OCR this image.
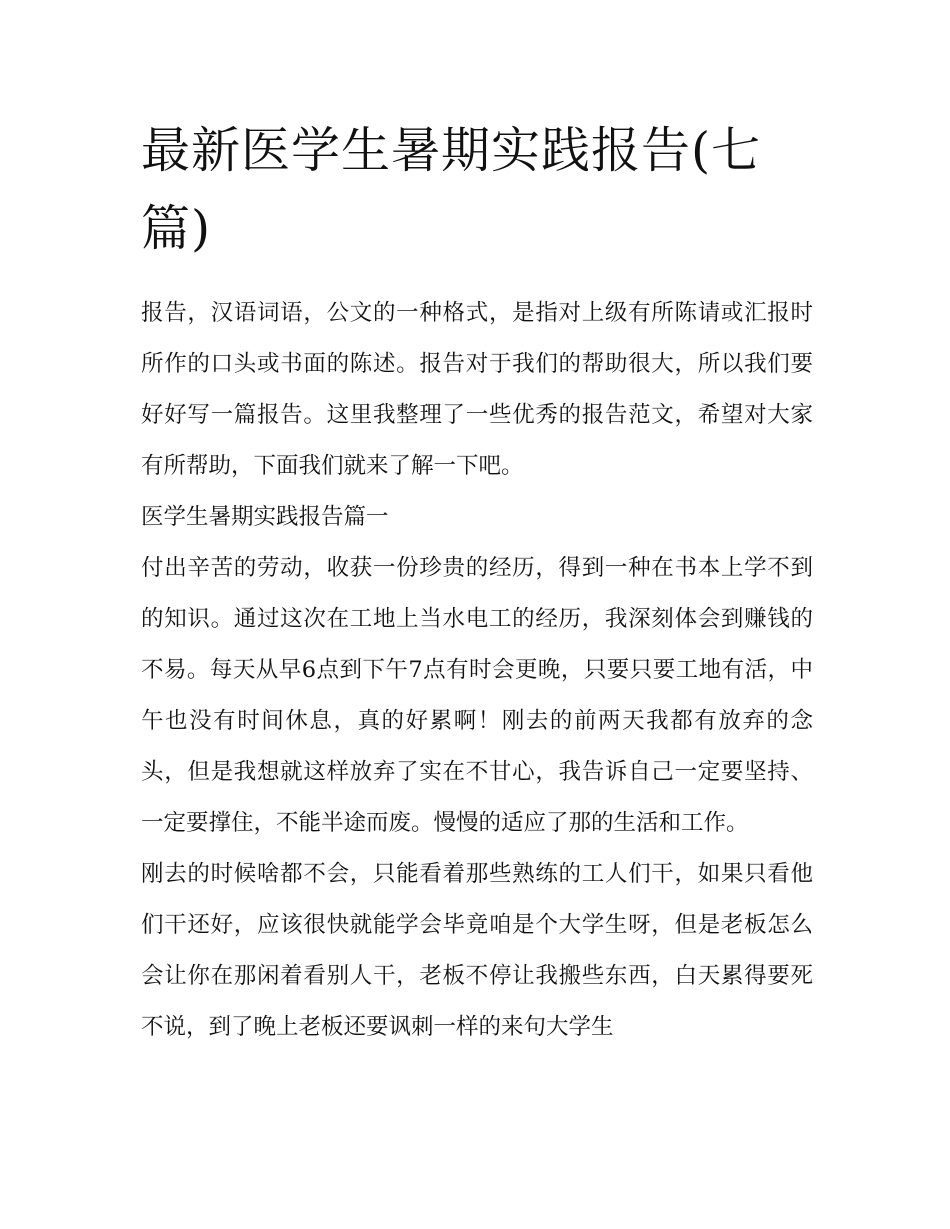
最新医学生暑期实践报告(七篇)

报告，汉语词语，公文的一种格式，是指对上级有所陈请或汇报时所作的口头或书面的陈述。报告对于我们的帮助很大，所以我们要好好写一篇报告。这里我整理了一些优秀的报告范文，希望对大家有所帮助，下面我们就来了解一下吧。

医学生暑期实践报告篇一

付出辛苦的劳动，收获一份珍贵的经历，得到一种在书本上学不到的知识。通过这次在工地上当水电工的经历，我深刻体会到赚钱的不易。每天从早6点到下午7点有时会更晚，只要只要工地有活，中午也没有时间休息，真的好累啊！刚去的前两天我都有放弃的念头，但是我想就这样放弃了实在不甘心，我告诉自己一定要坚持、一定要撑住，不能半途而废。慢慢的适应了那的生活和工作。

刚去的时候啥都不会，只能看着那些熟练的工人们干，如果只看他们干还好，应该很快就能学会毕竟咱是个大学生呀，但是老板怎么会让你在那闲着看别人干，老板不停让我搬些东西，白天累得要死不说，到了晚上老板还要讽刺一样的来句大学生
